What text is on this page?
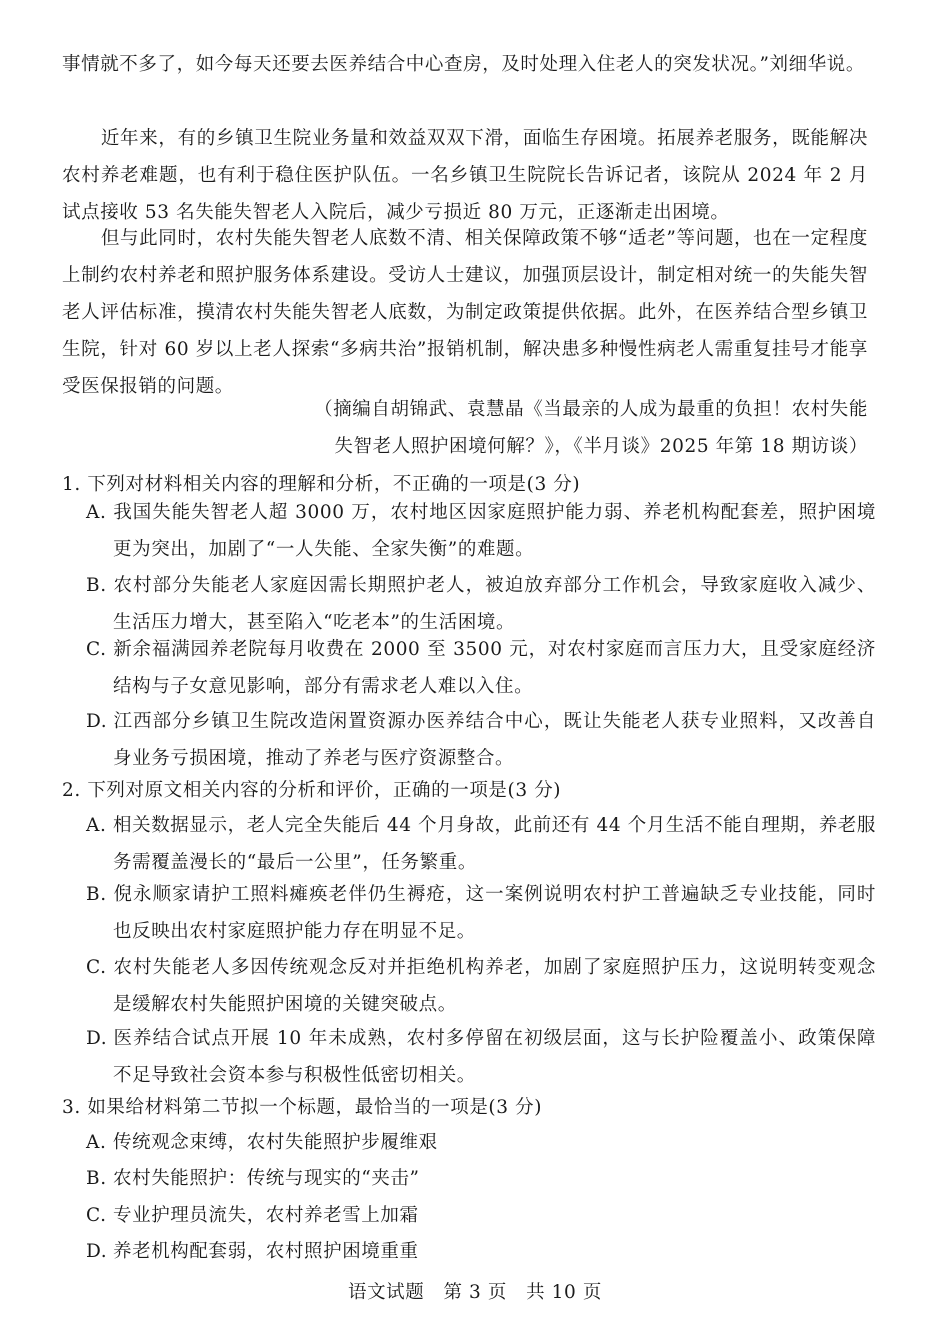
事情就不多了，如今每天还要去医养结合中心查房，及时处理入住老人的突发状况。”刘细华说。

近年来，有的乡镇卫生院业务量和效益双双下滑，面临生存困境。拓展养老服务，既能解决农村养老难题，也有利于稳住医护队伍。一名乡镇卫生院院长告诉记者，该院从 2024 年 2 月试点接收 53 名失能失智老人入院后，减少亏损近 80 万元，正逐渐走出困境。

但与此同时，农村失能失智老人底数不清、相关保障政策不够“适老”等问题，也在一定程度上制约农村养老和照护服务体系建设。受访人士建议，加强顶层设计，制定相对统一的失能失智老人评估标准，摸清农村失能失智老人底数，为制定政策提供依据。此外，在医养结合型乡镇卫生院，针对 60 岁以上老人探索“多病共治”报销机制，解决患多种慢性病老人需重复挂号才能享受医保报销的问题。

（摘编自胡锦武、袁慧晶《当最亲的人成为最重的负担！农村失能

失智老人照护困境何解？》，《半月谈》2025 年第 18 期访谈）

1. 下列对材料相关内容的理解和分析，不正确的一项是(3 分)

A. 我国失能失智老人超 3000 万，农村地区因家庭照护能力弱、养老机构配套差，照护困境更为突出，加剧了“一人失能、全家失衡”的难题。

B. 农村部分失能老人家庭因需长期照护老人，被迫放弃部分工作机会，导致家庭收入减少、生活压力增大，甚至陷入“吃老本”的生活困境。

C. 新余福满园养老院每月收费在 2000 至 3500 元，对农村家庭而言压力大，且受家庭经济结构与子女意见影响，部分有需求老人难以入住。

D. 江西部分乡镇卫生院改造闲置资源办医养结合中心，既让失能老人获专业照料，又改善自身业务亏损困境，推动了养老与医疗资源整合。

2. 下列对原文相关内容的分析和评价，正确的一项是(3 分)

A. 相关数据显示，老人完全失能后 44 个月身故，此前还有 44 个月生活不能自理期，养老服务需覆盖漫长的“最后一公里”，任务繁重。

B. 倪永顺家请护工照料瘫痪老伴仍生褥疮，这一案例说明农村护工普遍缺乏专业技能，同时也反映出农村家庭照护能力存在明显不足。

C. 农村失能老人多因传统观念反对并拒绝机构养老，加剧了家庭照护压力，这说明转变观念是缓解农村失能照护困境的关键突破点。

D. 医养结合试点开展 10 年未成熟，农村多停留在初级层面，这与长护险覆盖小、政策保障不足导致社会资本参与积极性低密切相关。

3. 如果给材料第二节拟一个标题，最恰当的一项是(3 分)

A. 传统观念束缚，农村失能照护步履维艰

B. 农村失能照护：传统与现实的“夹击”

C. 专业护理员流失，农村养老雪上加霜

D. 养老机构配套弱，农村照护困境重重

语文试题　第 3 页　共 10 页
